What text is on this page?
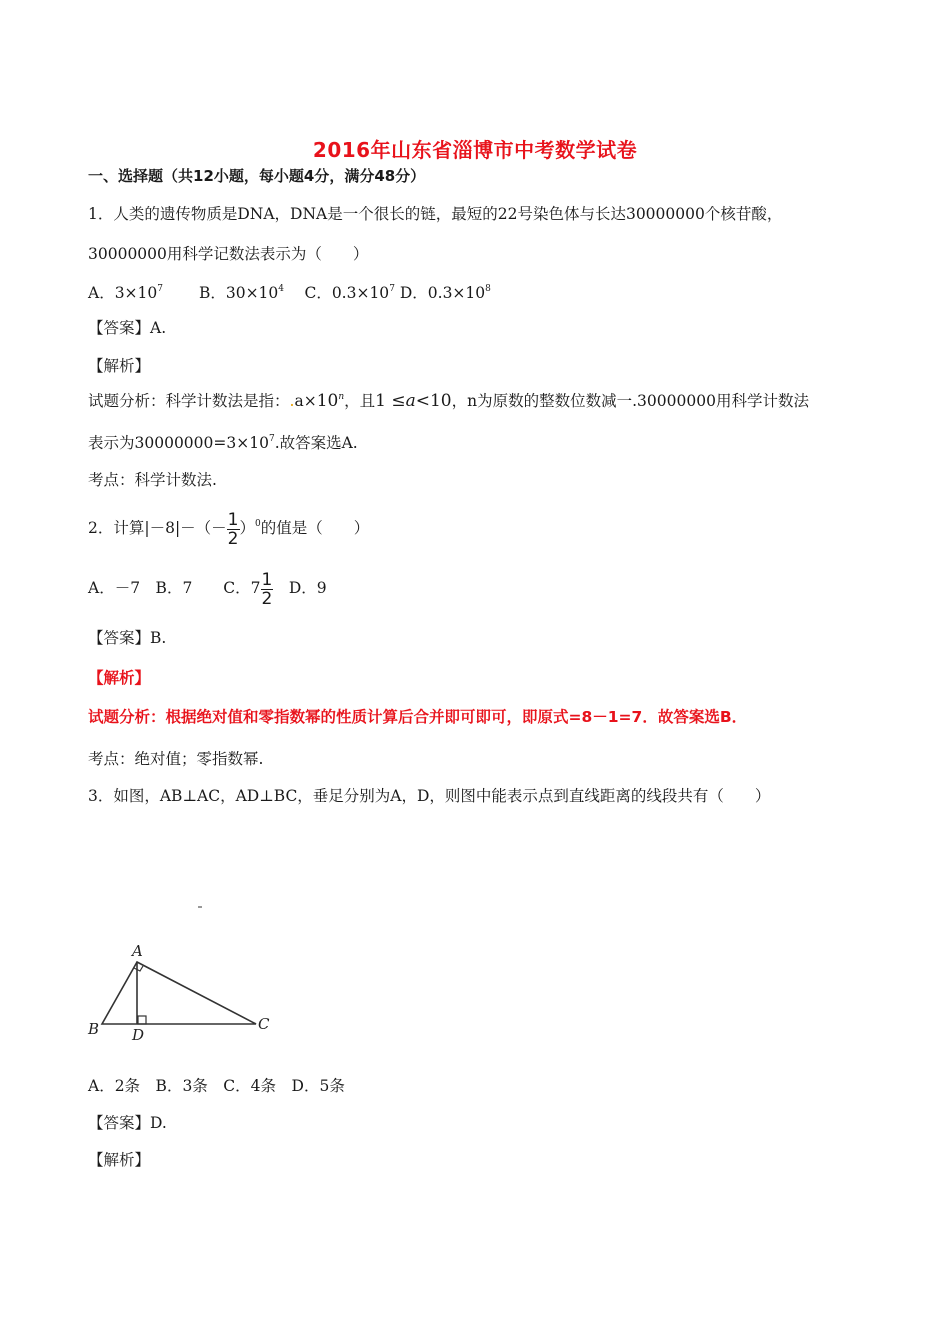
2016年山东省淄博市中考数学试卷
一、选择题（共12小题，每小题4分，满分48分）
1．人类的遗传物质是DNA，DNA是一个很长的链，最短的22号染色体与长达30000000个核苷酸，
30000000用科学记数法表示为（　　）
A．$3\times 10^7$　　 B．$30\times 10^4$　 C．$0.3\times 10^7$ D．$0.3\times 10^8$
【答案】A.
【解析】
试题分析：科学计数法是指：$.a\times 10^n$，且1 ≤a<10，n为原数的整数位数减一.30000000用科学计数法
表示为$30000000=3\times 10^7$.故答案选A.
考点：科学计数法.
2．计算$|-8|-(- \frac{1}{2} )^0$的值是（　　）
A．－7　B．7　　C．$7 \frac{1}{2}$ 　D．9
【答案】B.
【解析】
试题分析：根据绝对值和零指数幂的性质计算后合并即可即可，即原式=8－1=7．故答案选B．
考点：绝对值；零指数幂.
3．如图，AB⊥AC，AD⊥BC，垂足分别为A，D，则图中能表示点到直线距离的线段共有（　　）
A
B D
C
A．2条　B．3条　C．4条　D．5条
【答案】D.
【解析】
